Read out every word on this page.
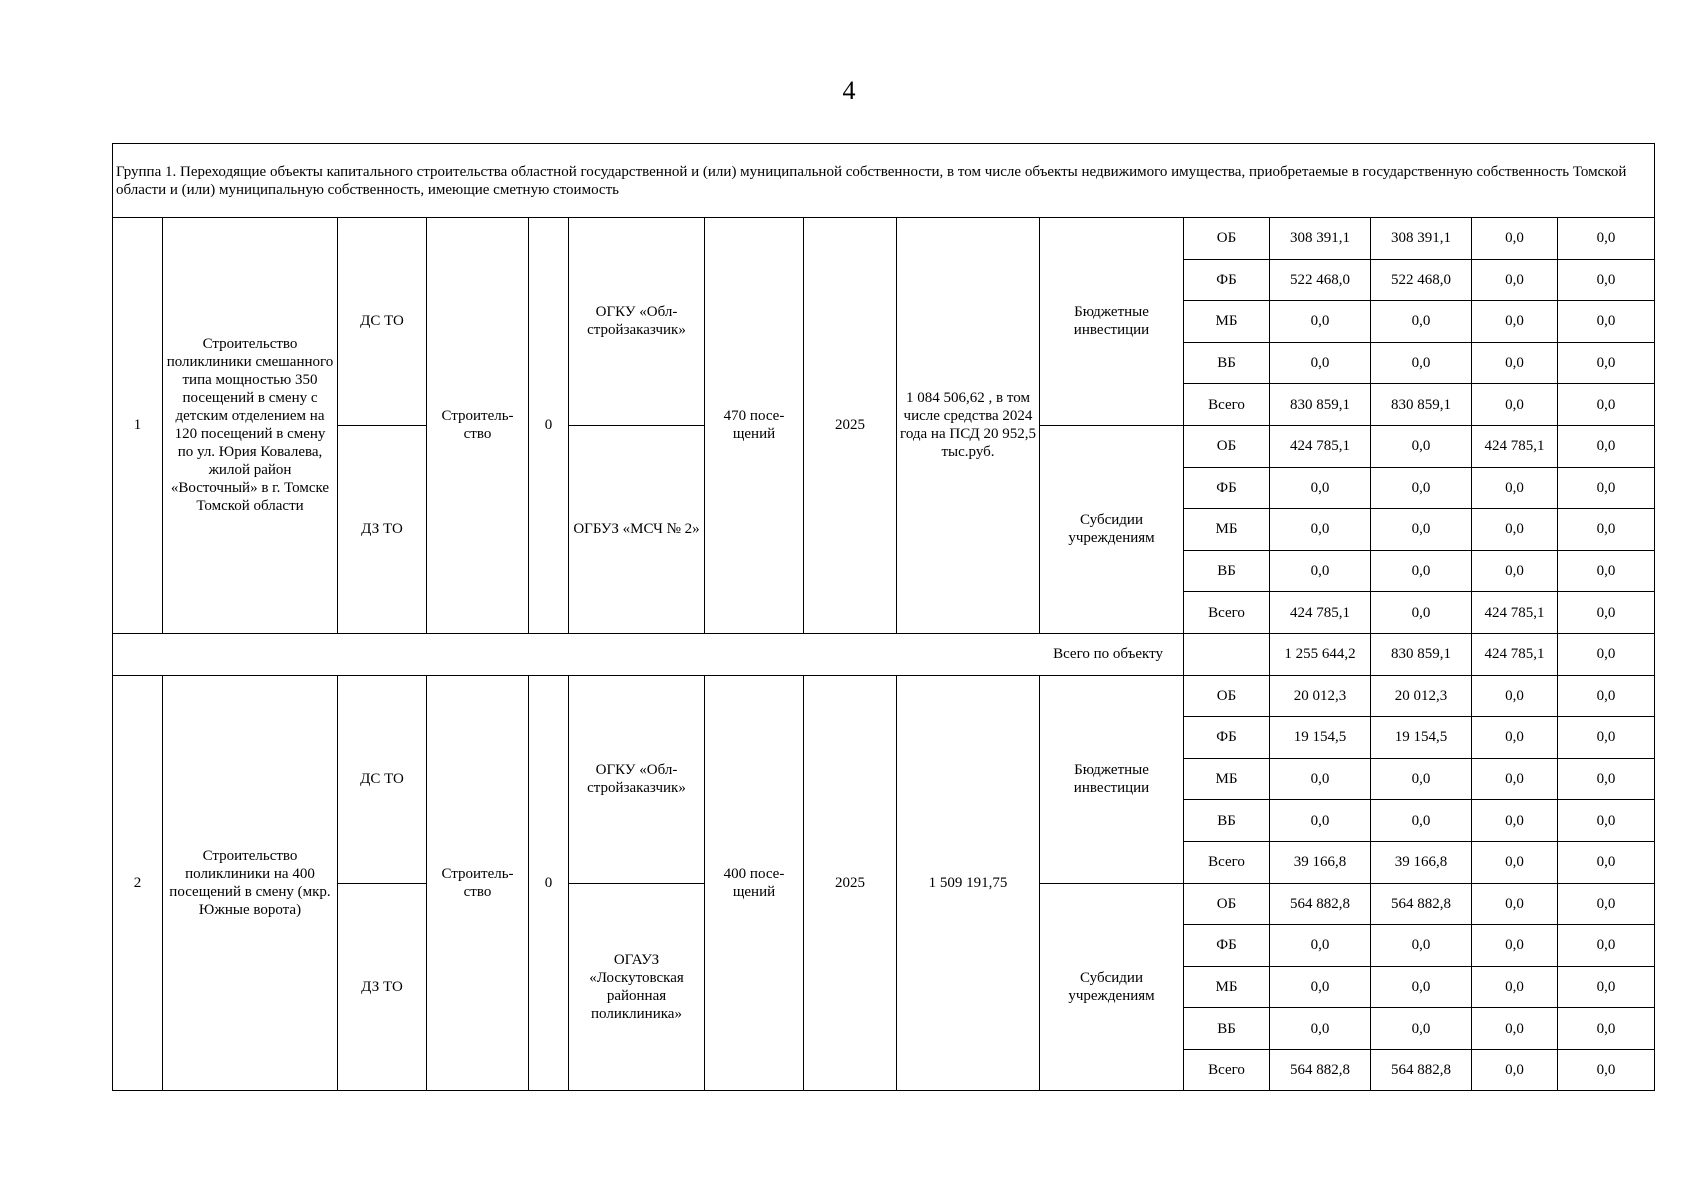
4
Группа 1. Переходящие объекты капитального строительства областной государственной и (или) муниципальной собственности, в том числе объекты недвижимого имущества, приобретаемые в государственную собственность Томской области и (или) муниципальную собственность, имеющие сметную стоимость														
1	Строительство поликлиники смешанного типа мощностью 350 посещений в смену с детским отделением на 120 посещений в смену по ул. Юрия Ковалева, жилой район «Восточный» в г. Томске Томской области	ДС ТО	Строитель-ство	0	ОГКУ «Обл-стройзаказчик»	470 посе-щений	2025	1 084 506,62 , в том числе средства 2024 года на ПСД 20 952,5 тыс.руб.	Бюджетные инвестиции	ОБ	308 391,1	308 391,1	0,0	0,0
										ФБ	522 468,0	522 468,0	0,0	0,0
										МБ	0,0	0,0	0,0	0,0
										ВБ	0,0	0,0	0,0	0,0
										Всего	830 859,1	830 859,1	0,0	0,0
		ДЗ ТО			ОГБУЗ «МСЧ № 2»				Субсидии учреждениям	ОБ	424 785,1	0,0	424 785,1	0,0
										ФБ	0,0	0,0	0,0	0,0
										МБ	0,0	0,0	0,0	0,0
										ВБ	0,0	0,0	0,0	0,0
										Всего	424 785,1	0,0	424 785,1	0,0
Всего по объекту											1 255 644,2	830 859,1	424 785,1	0,0
2	Строительство поликлиники на 400 посещений в смену (мкр. Южные ворота)	ДС ТО	Строитель-ство	0	ОГКУ «Обл-стройзаказчик»	400 посе-щений	2025	1 509 191,75	Бюджетные инвестиции	ОБ	20 012,3	20 012,3	0,0	0,0
										ФБ	19 154,5	19 154,5	0,0	0,0
										МБ	0,0	0,0	0,0	0,0
										ВБ	0,0	0,0	0,0	0,0
										Всего	39 166,8	39 166,8	0,0	0,0
		ДЗ ТО			ОГАУЗ «Лоскутовская районная поликлиника»				Субсидии учреждениям	ОБ	564 882,8	564 882,8	0,0	0,0
										ФБ	0,0	0,0	0,0	0,0
										МБ	0,0	0,0	0,0	0,0
										ВБ	0,0	0,0	0,0	0,0
										Всего	564 882,8	564 882,8	0,0	0,0
